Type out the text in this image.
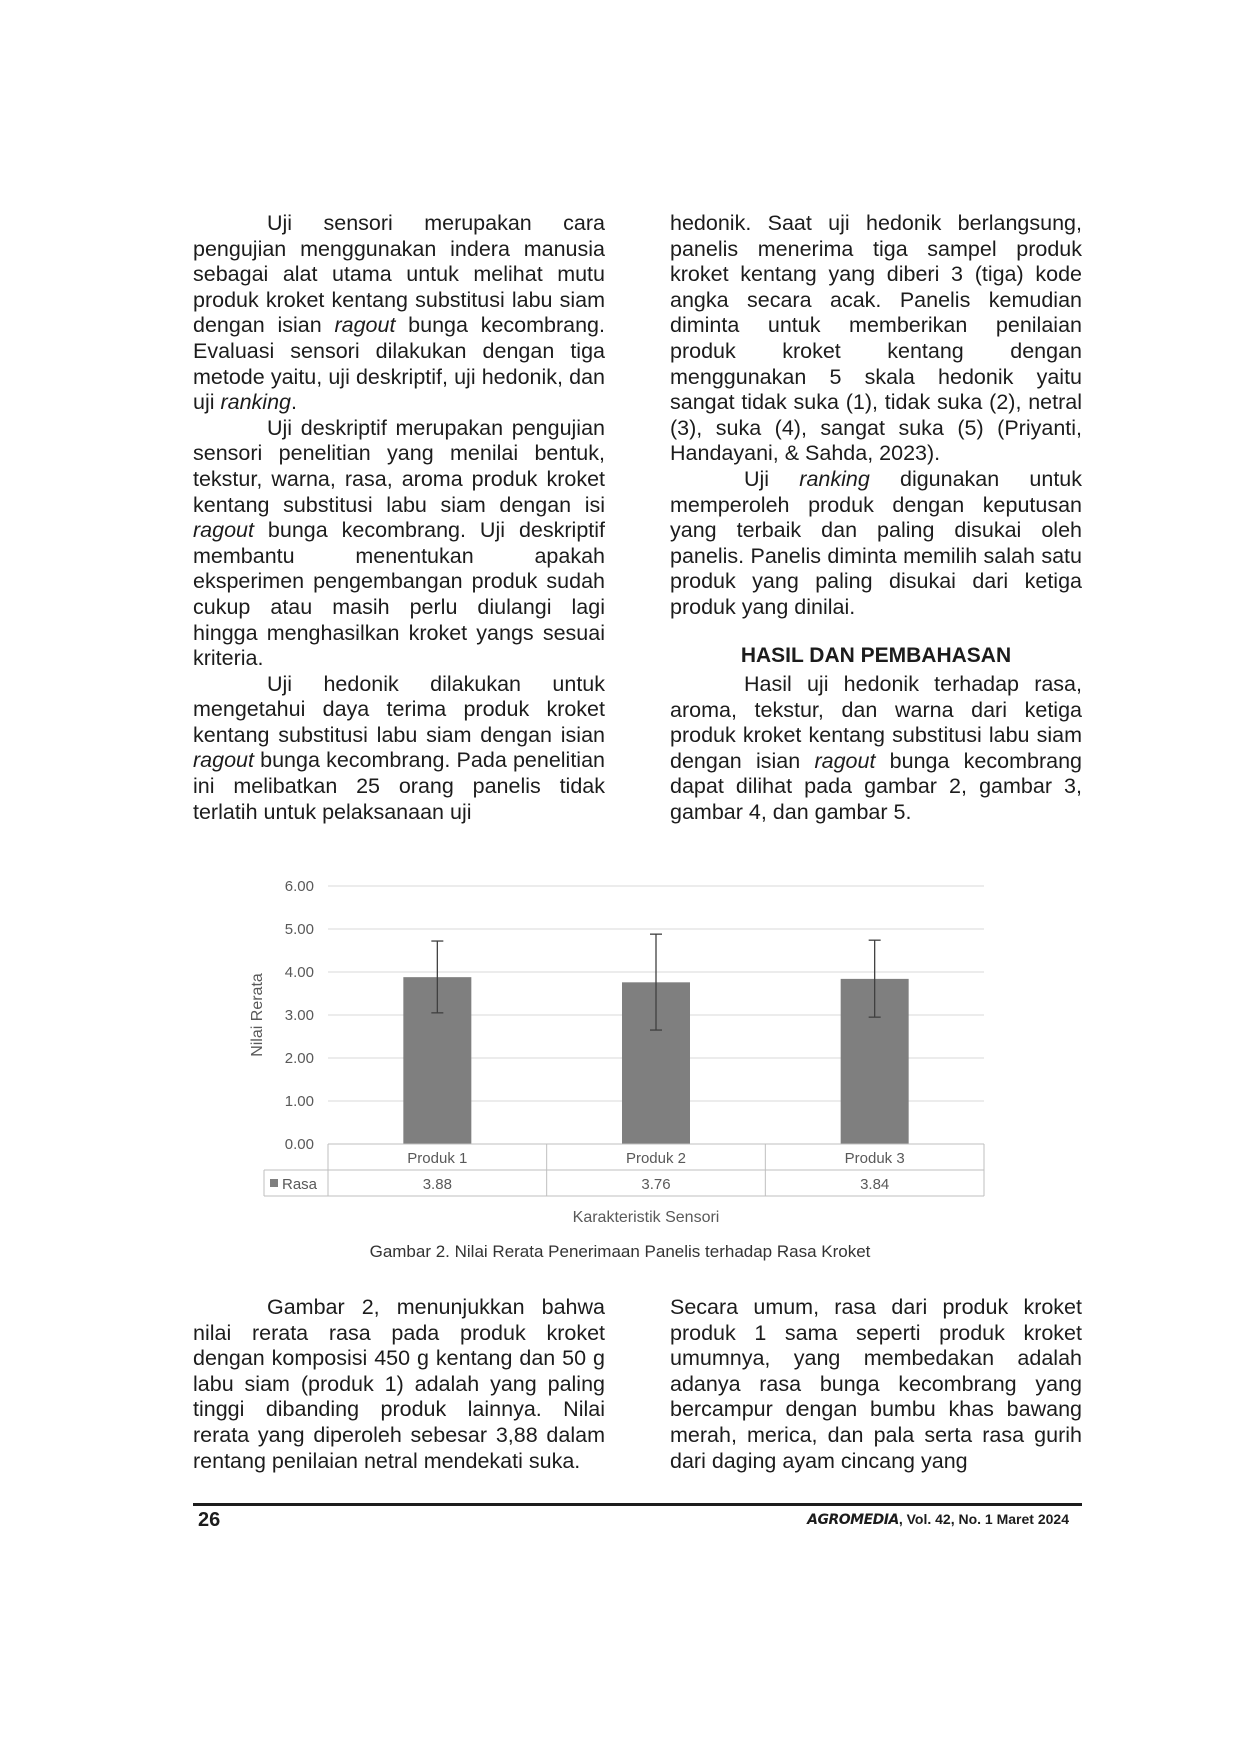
Uji sensori merupakan cara pengujian menggunakan indera manusia sebagai alat utama untuk melihat mutu produk kroket kentang substitusi labu siam dengan isian ragout bunga kecombrang. Evaluasi sensori dilakukan dengan tiga metode yaitu, uji deskriptif, uji hedonik, dan uji ranking.

Uji deskriptif merupakan pengujian sensori penelitian yang menilai bentuk, tekstur, warna, rasa, aroma produk kroket kentang substitusi labu siam dengan isi ragout bunga kecombrang. Uji deskriptif membantu menentukan apakah eksperimen pengembangan produk sudah cukup atau masih perlu diulangi lagi hingga menghasilkan kroket yangs sesuai kriteria.

Uji hedonik dilakukan untuk mengetahui daya terima produk kroket kentang substitusi labu siam dengan isian ragout bunga kecombrang. Pada penelitian ini melibatkan 25 orang panelis tidak terlatih untuk pelaksanaan uji

hedonik. Saat uji hedonik berlangsung, panelis menerima tiga sampel produk kroket kentang yang diberi 3 (tiga) kode angka secara acak. Panelis kemudian diminta untuk memberikan penilaian produk kroket kentang dengan menggunakan 5 skala hedonik yaitu sangat tidak suka (1), tidak suka (2), netral (3), suka (4), sangat suka (5) (Priyanti, Handayani, & Sahda, 2023).

Uji ranking digunakan untuk memperoleh produk dengan keputusan yang terbaik dan paling disukai oleh panelis. Panelis diminta memilih salah satu produk yang paling disukai dari ketiga produk yang dinilai.

HASIL DAN PEMBAHASAN

Hasil uji hedonik terhadap rasa, aroma, tekstur, dan warna dari ketiga produk kroket kentang substitusi labu siam dengan isian ragout bunga kecombrang dapat dilihat pada gambar 2, gambar 3, gambar 4, dan gambar 5.

0.00
1.00
2.00
3.00
4.00
5.00
6.00
Produk 1
3.88
Produk 2
3.76
Produk 3
3.84
Rasa
Nilai Rerata
Karakteristik Sensori
Gambar 2. Nilai Rerata Penerimaan Panelis terhadap Rasa Kroket

Gambar 2, menunjukkan bahwa nilai rerata rasa pada produk kroket dengan komposisi 450 g kentang dan 50 g labu siam (produk 1) adalah yang paling tinggi dibanding produk lainnya. Nilai rerata yang diperoleh sebesar 3,88 dalam rentang penilaian netral mendekati suka.

Secara umum, rasa dari produk kroket produk 1 sama seperti produk kroket umumnya, yang membedakan adalah adanya rasa bunga kecombrang yang bercampur dengan bumbu khas bawang merah, merica, dan pala serta rasa gurih dari daging ayam cincang yang

26	AGROMEDIA, Vol. 42, No. 1 Maret 2024
